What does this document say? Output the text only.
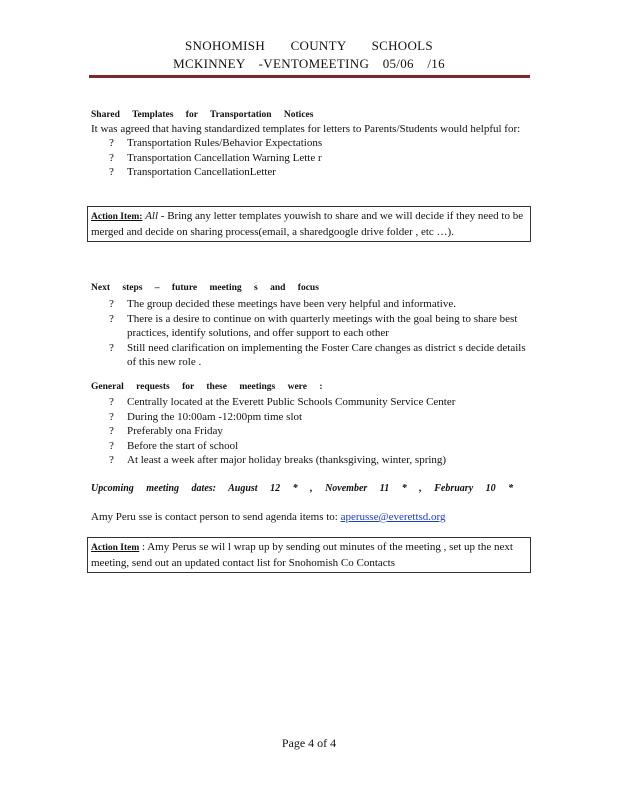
SNOHOMISH COUNTY SCHOOLS
MCKINNEY -VENTOMEETING 05/06 /16
Shared Templates for Transportation Notices
It was agreed that having standardized templates for letters to Parents/Students would helpful for:
? Transportation Rules/Behavior Expectations
? Transportation Cancellation Warning Lette r
? Transportation CancellationLetter
Action Item: All - Bring any letter templates youwish to share and we will decide if they need to be merged and decide on sharing process(email, a sharedgoogle drive folder , etc …).
Next steps – future meeting s and focus
? The group decided these meetings have been very helpful and informative.
? There is a desire to continue on with quarterly meetings with the goal being to share best practices, identify solutions, and offer support to each other
? Still need clarification on implementing the Foster Care changes as district s decide details of this new role .
General requests for these meetings were :
? Centrally located at the Everett Public Schools Community Service Center
? During the 10:00am -12:00pm time slot
? Preferably ona Friday
? Before the start of school
? At least a week after major holiday breaks (thanksgiving, winter, spring)
Upcoming meeting dates: August 12 * , November 11 * , February 10 *
Amy Peru sse is contact person to send agenda items to: aperusse@everettsd.org
Action Item : Amy Perus se wil l wrap up by sending out minutes of the meeting , set up the next meeting, send out an updated contact list for Snohomish Co Contacts
Page 4 of 4
